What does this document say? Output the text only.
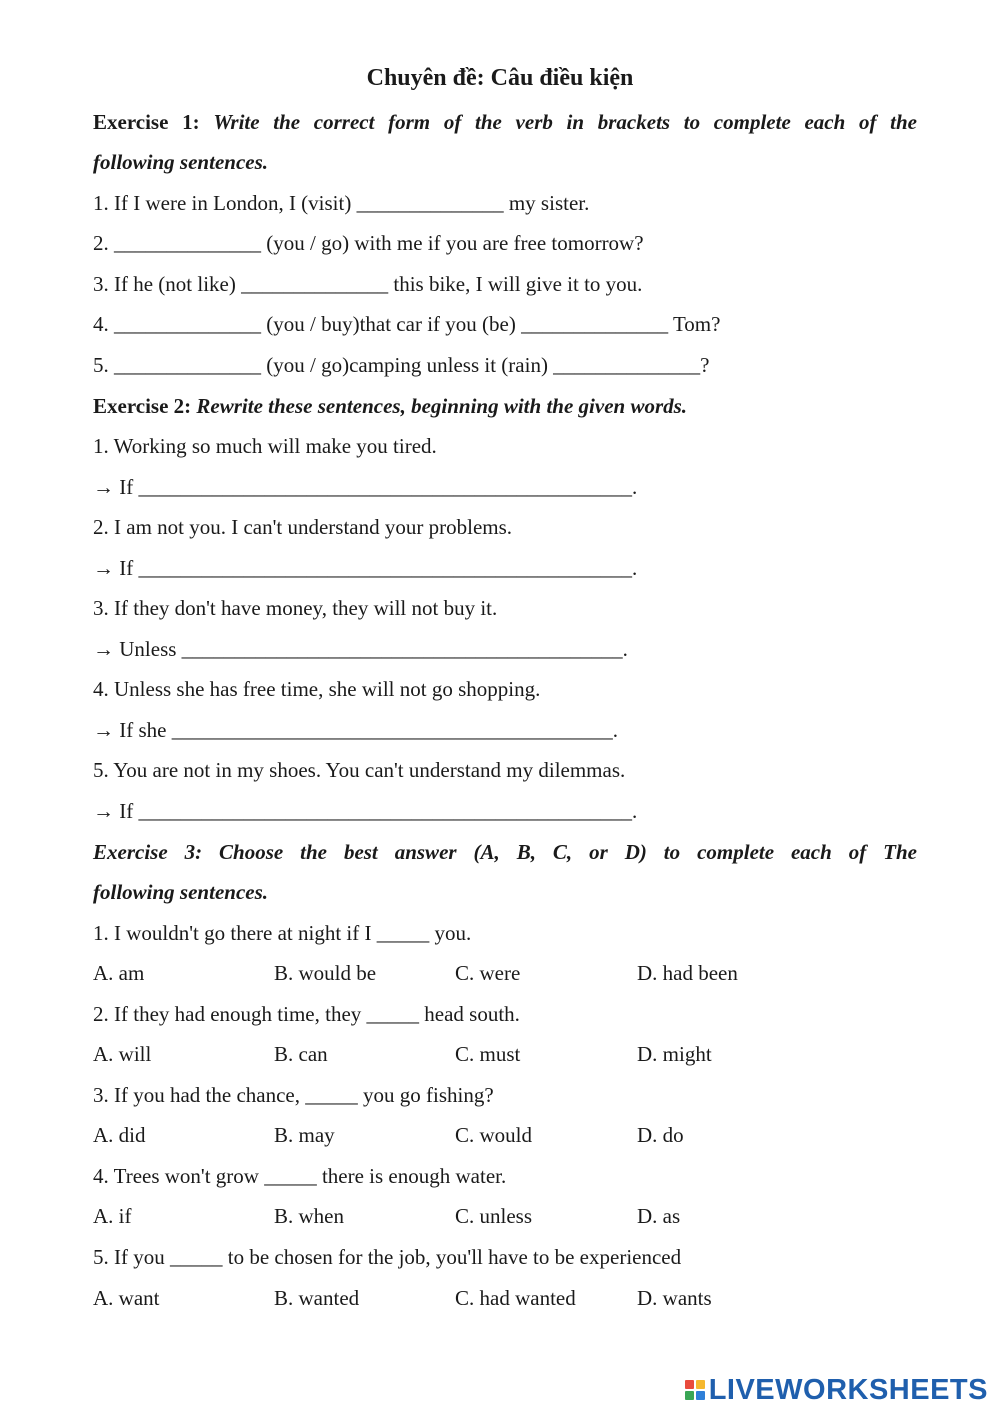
Chuyên đề: Câu điều kiện
Exercise 1: Write the correct form of the verb in brackets to complete each of the
following sentences.
1. If I were in London, I (visit) ______________ my sister.
2. ______________ (you / go) with me if you are free tomorrow?
3. If he (not like) ______________ this bike, I will give it to you.
4. ______________ (you / buy)that car if you (be) ______________ Tom?
5. ______________ (you / go)camping unless it (rain) ______________?
Exercise 2: Rewrite these sentences, beginning with the given words.
1. Working so much will make you tired.
→ If _______________________________________________.
2. I am not you. I can't understand your problems.
→ If _______________________________________________.
3. If they don't have money, they will not buy it.
→ Unless __________________________________________.
4. Unless she has free time, she will not go shopping.
→ If she __________________________________________.
5. You are not in my shoes. You can't understand my dilemmas.
→ If _______________________________________________.
Exercise 3: Choose the best answer (A, B, C, or D) to complete each of The
following sentences.
1. I wouldn't go there at night if I _____ you.
A. am	B. would be	C. were	D. had been
2. If they had enough time, they _____ head south.
A. will	B. can	C. must	D. might
3. If you had the chance, _____ you go fishing?
A. did	B. may	C. would	D. do
4. Trees won't grow _____ there is enough water.
A. if	B. when	C. unless	D. as
5. If you _____ to be chosen for the job, you'll have to be experienced
A. want	B. wanted	C. had wanted	D. wants
LIVEWORKSHEETS
